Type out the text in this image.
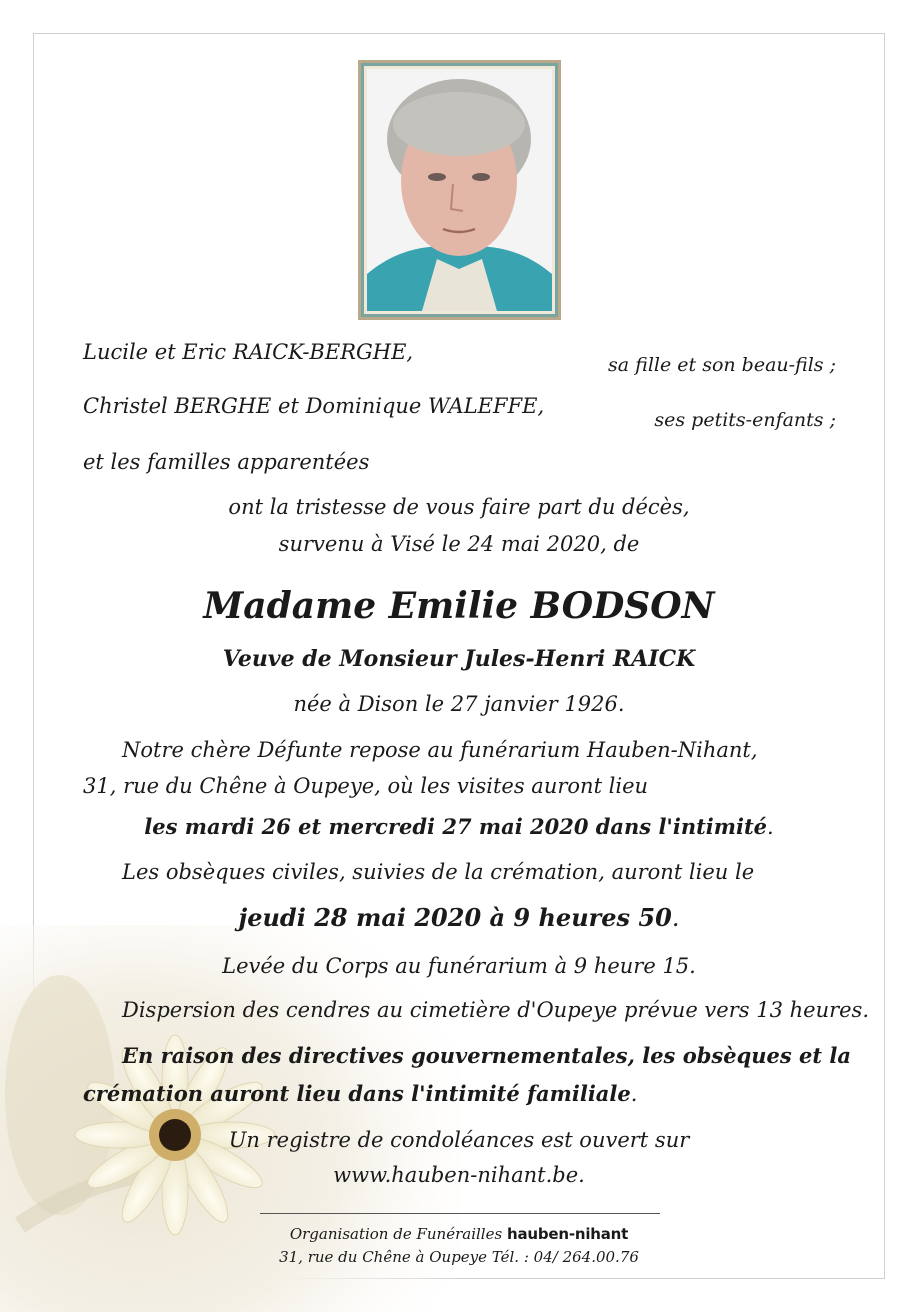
Lucile et Eric RAICK-BERGHE,
sa fille et son beau-fils ;
Christel BERGHE et Dominique WALEFFE,
ses petits-enfants ;
et les familles apparentées
ont la tristesse de vous faire part du décès,
survenu à Visé le 24 mai 2020, de
Madame Emilie BODSON
Veuve de Monsieur Jules-Henri RAICK
née à Dison le 27 janvier 1926.
Notre chère Défunte repose au funérarium Hauben-Nihant,
31, rue du Chêne à Oupeye, où les visites auront lieu
les mardi 26 et mercredi 27 mai 2020 dans l'intimité.
Les obsèques civiles, suivies de la crémation, auront lieu le
jeudi 28 mai 2020 à 9 heures 50.
Levée du Corps au funérarium à 9 heure 15.
Dispersion des cendres au cimetière d'Oupeye prévue vers 13 heures.
En raison des directives gouvernementales, les obsèques et la
crémation auront lieu dans l'intimité familiale.
Un registre de condoléances est ouvert sur
www.hauben-nihant.be.
Organisation de Funérailles hauben-nihant
31, rue du Chêne à Oupeye Tél. : 04/ 264.00.76
